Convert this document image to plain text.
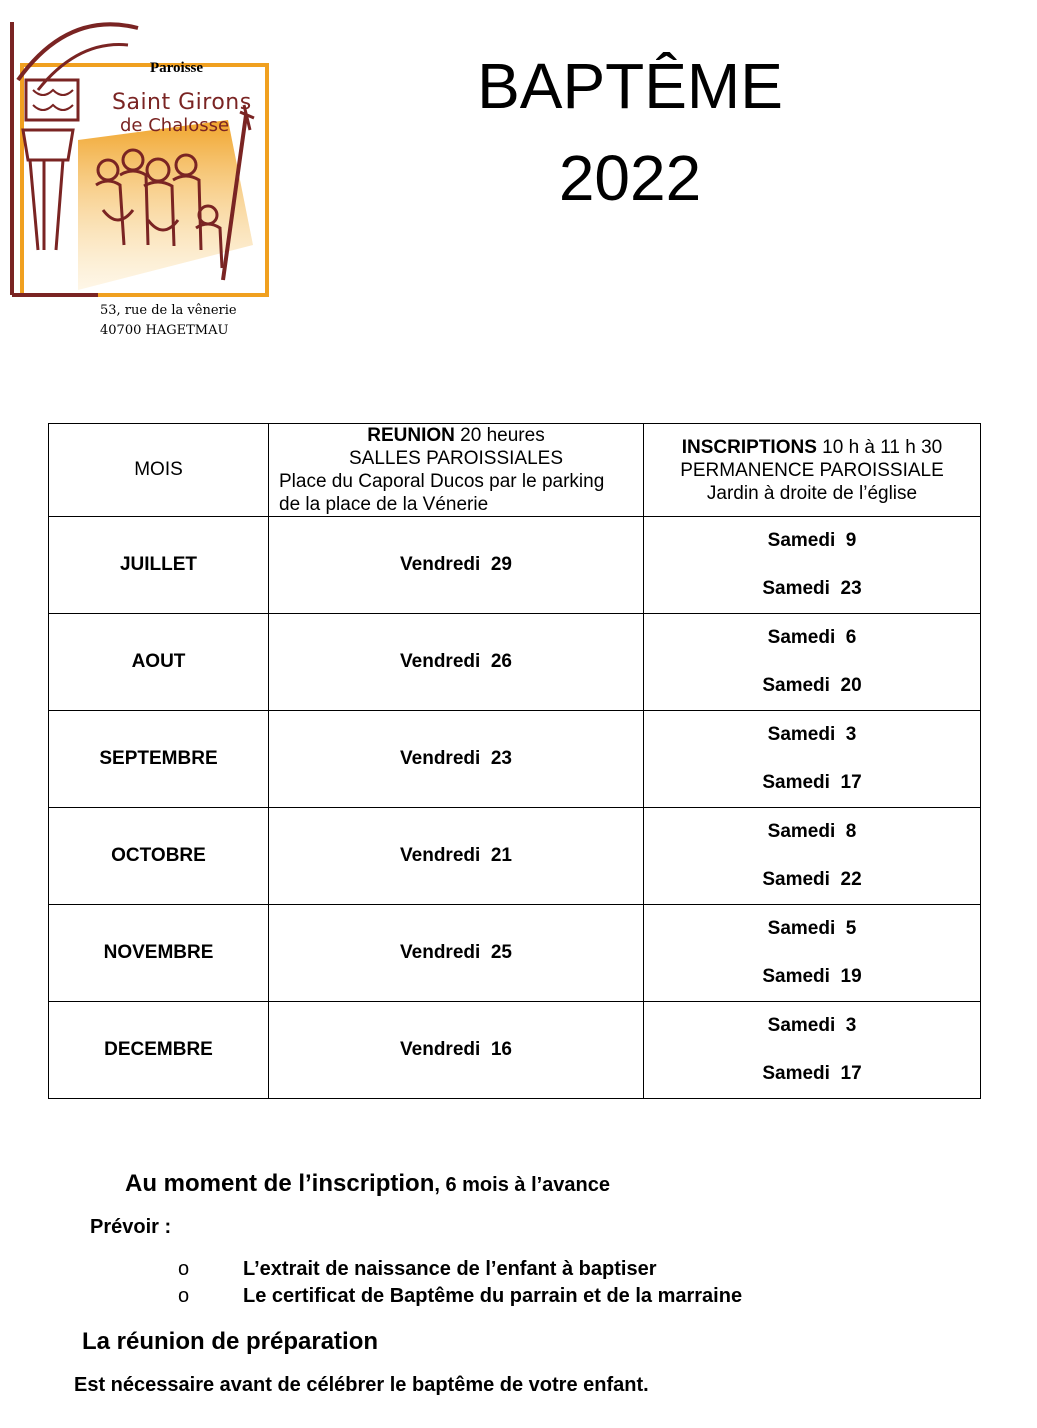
Paroisse
Saint Girons
de Chalosse
53, rue de la vênerie
40700 HAGETMAU
BAPTÊME
2022
MOIS	REUNION 20 heures
SALLES PAROISSIALES
Place du Caporal Ducos par le parking
de la place de la Vénerie	INSCRIPTIONS 10 h à 11 h 30
PERMANENCE PAROISSIALE
Jardin à droite de l’église

JUILLET	Vendredi  29	Samedi  9
Samedi  23

AOUT	Vendredi  26	Samedi  6
Samedi  20

SEPTEMBRE	Vendredi  23	Samedi  3
Samedi  17

OCTOBRE	Vendredi  21	Samedi  8
Samedi  22

NOVEMBRE	Vendredi  25	Samedi  5
Samedi  19

DECEMBRE	Vendredi  16	Samedi  3
Samedi  17
Au moment de l’inscription, 6 mois à l’avance
Prévoir :
o	L’extrait de naissance de l’enfant à baptiser
o	Le certificat de Baptême du parrain et de la marraine
La réunion de préparation
Est nécessaire avant de célébrer le baptême de votre enfant.
